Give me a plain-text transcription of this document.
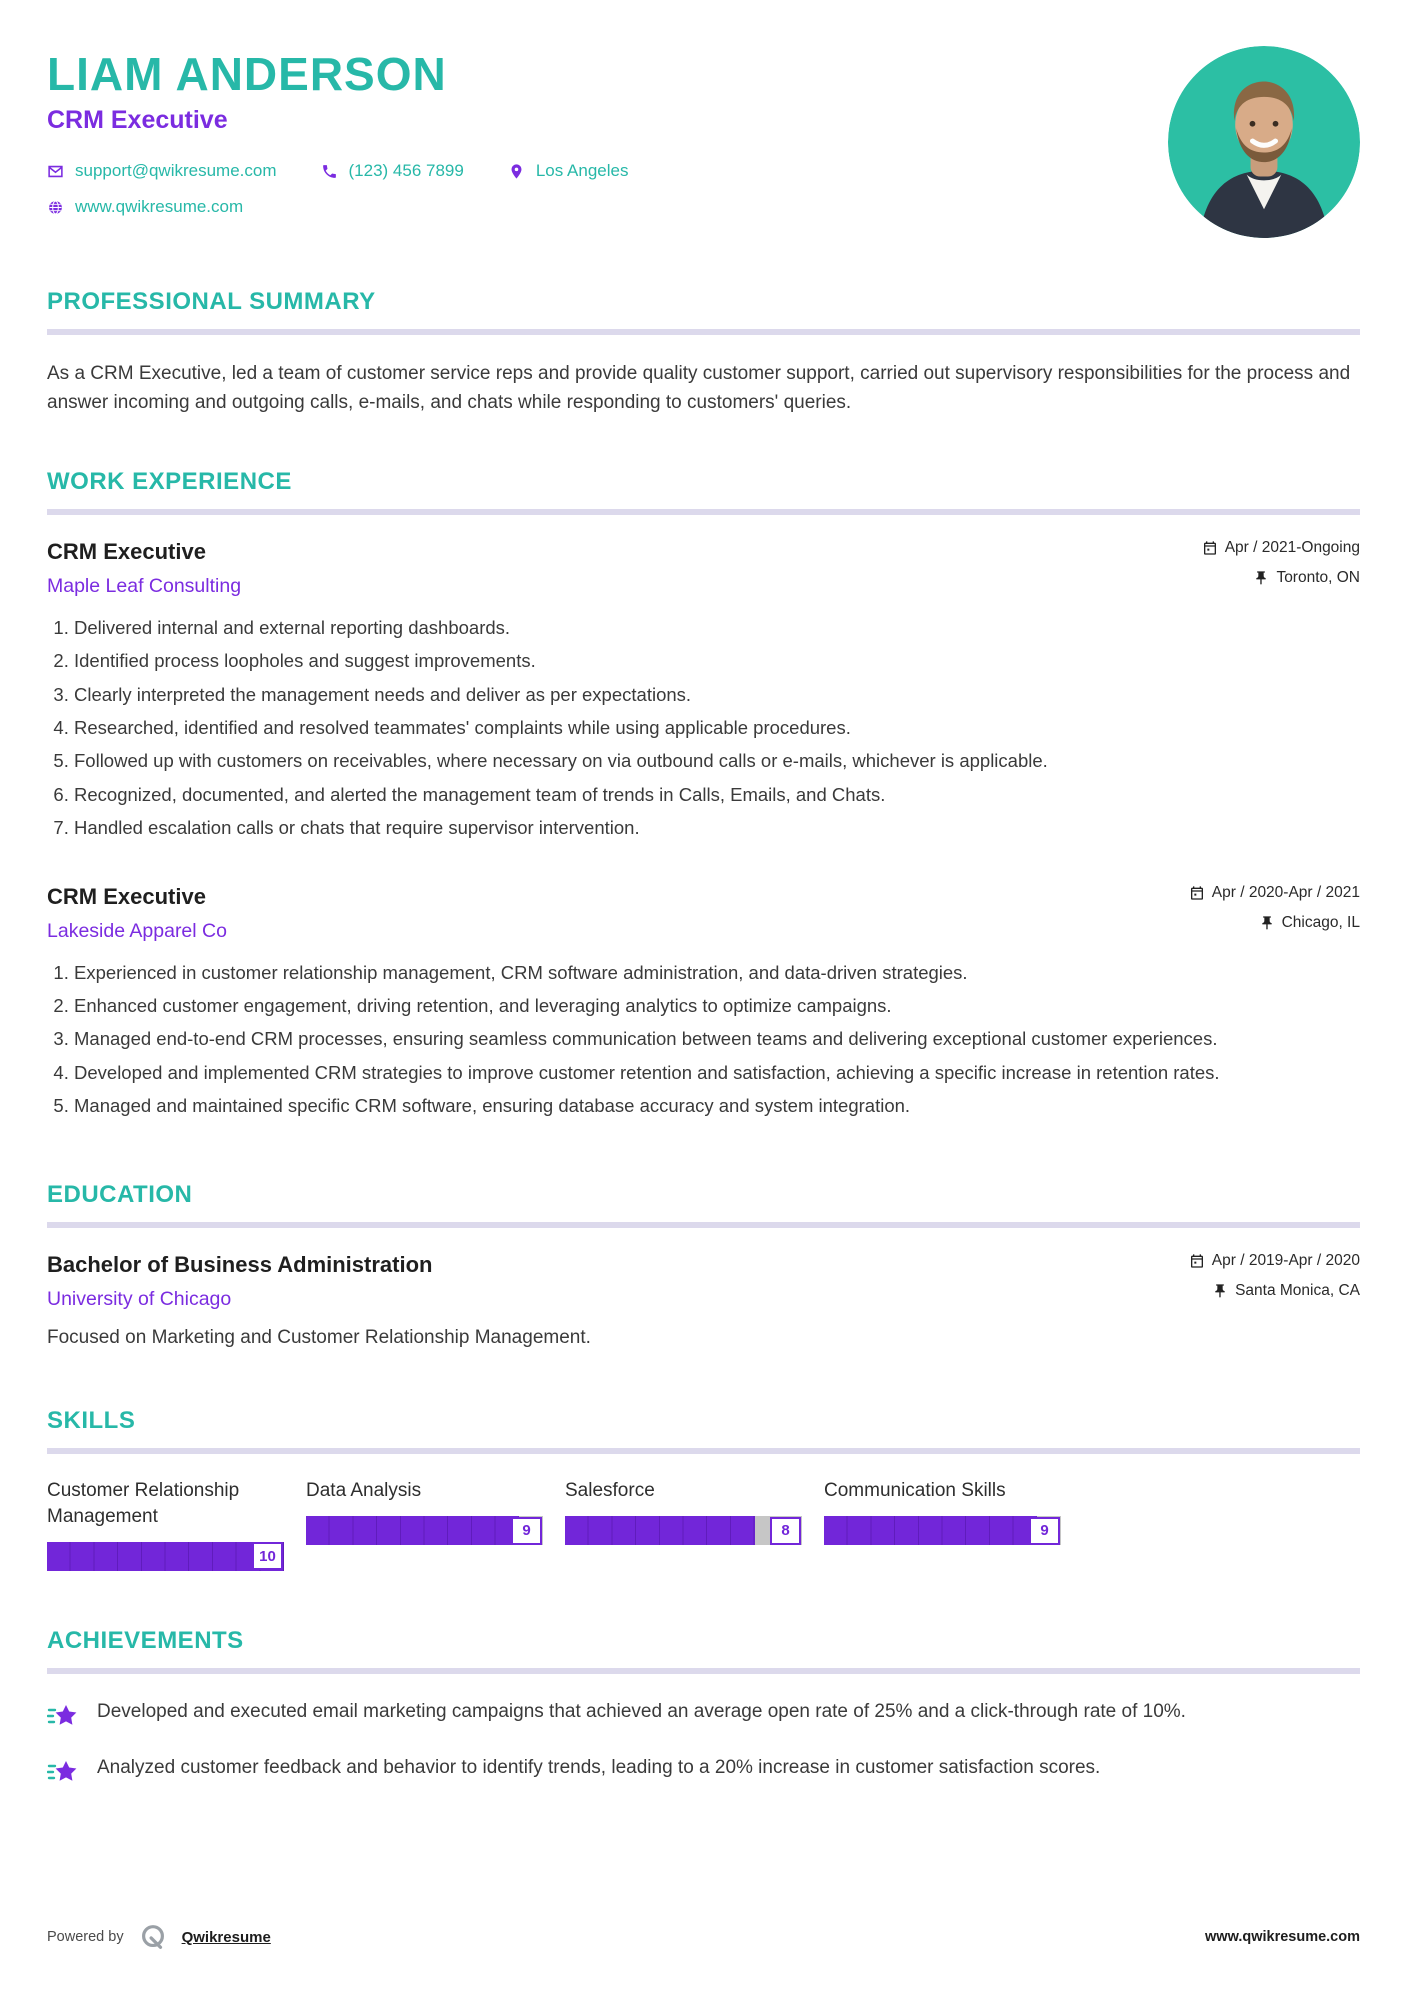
LIAM ANDERSON
CRM Executive
support@qwikresume.com	(123) 456 7899	Los Angeles
www.qwikresume.com
PROFESSIONAL SUMMARY

As a CRM Executive, led a team of customer service reps and provide quality customer support, carried out supervisory responsibilities for the process and answer incoming and outgoing calls, e-mails, and chats while responding to customers' queries.

WORK EXPERIENCE
CRM Executive
Maple Leaf Consulting
Apr / 2021-Ongoing
Toronto, ON
1. Delivered internal and external reporting dashboards.
2. Identified process loopholes and suggest improvements.
3. Clearly interpreted the management needs and deliver as per expectations.
4. Researched, identified and resolved teammates' complaints while using applicable procedures.
5. Followed up with customers on receivables, where necessary on via outbound calls or e-mails, whichever is applicable.
6. Recognized, documented, and alerted the management team of trends in Calls, Emails, and Chats.
7. Handled escalation calls or chats that require supervisor intervention.
CRM Executive
Lakeside Apparel Co
Apr / 2020-Apr / 2021
Chicago, IL
1. Experienced in customer relationship management, CRM software administration, and data-driven strategies.
2. Enhanced customer engagement, driving retention, and leveraging analytics to optimize campaigns.
3. Managed end-to-end CRM processes, ensuring seamless communication between teams and delivering exceptional customer experiences.
4. Developed and implemented CRM strategies to improve customer retention and satisfaction, achieving a specific increase in retention rates.
5. Managed and maintained specific CRM software, ensuring database accuracy and system integration.
EDUCATION
Bachelor of Business Administration
University of Chicago
Apr / 2019-Apr / 2020
Santa Monica, CA
Focused on Marketing and Customer Relationship Management.
SKILLS
Customer Relationship Management
10
Data Analysis
9
Salesforce
8
Communication Skills
9
ACHIEVEMENTS

Developed and executed email marketing campaigns that achieved an average open rate of 25% and a click-through rate of 10%.

Analyzed customer feedback and behavior to identify trends, leading to a 20% increase in customer satisfaction scores.

Powered by	Qwikresume	www.qwikresume.com
